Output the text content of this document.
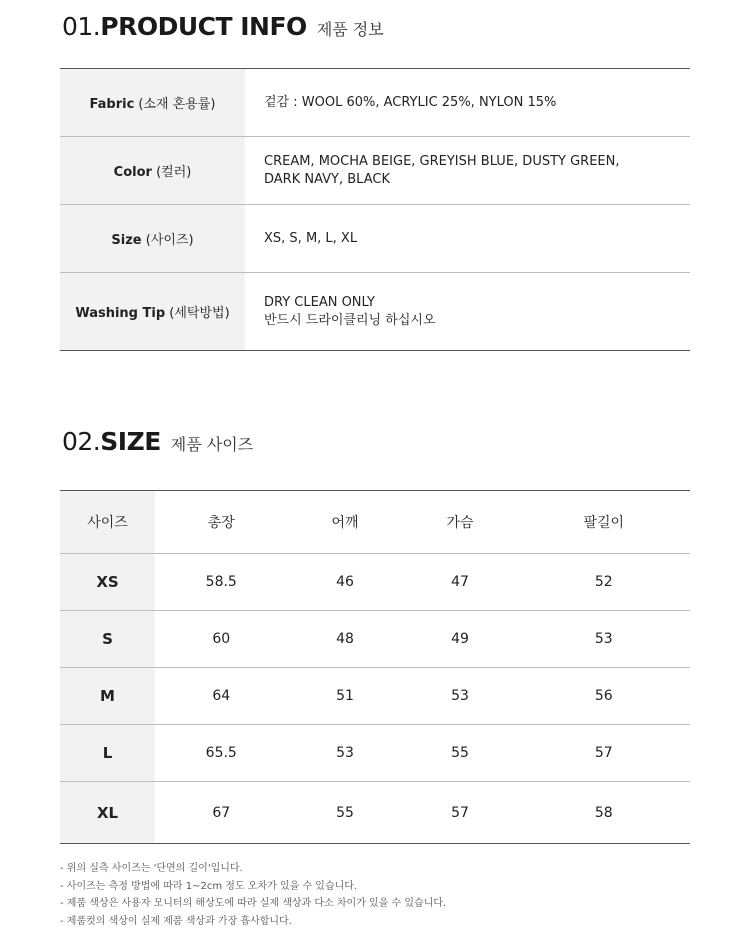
01. PRODUCT INFO 제품 정보
Fabric (소재 혼용률)	겉감 : WOOL 60%, ACRYLIC 25%, NYLON 15%

Color (컬러)	CREAM, MOCHA BEIGE, GREYISH BLUE, DUSTY GREEN,
DARK NAVY, BLACK

Size (사이즈)	XS, S, M, L, XL

Washing Tip (세탁방법)	DRY CLEAN ONLY
반드시 드라이클리닝 하십시오
02. SIZE 제품 사이즈
사이즈	총장	어깨	가슴	팔길이
XS	58.5	46	47	52
S	60	48	49	53
M	64	51	53	56
L	65.5	53	55	57
XL	67	55	57	58
- 위의 실측 사이즈는 '단면의 길이'입니다.
- 사이즈는 측정 방법에 따라 1~2cm 정도 오차가 있을 수 있습니다.
- 제품 색상은 사용자 모니터의 해상도에 따라 실제 색상과 다소 차이가 있을 수 있습니다.
- 제품컷의 색상이 실제 제품 색상과 가장 흡사합니다.
